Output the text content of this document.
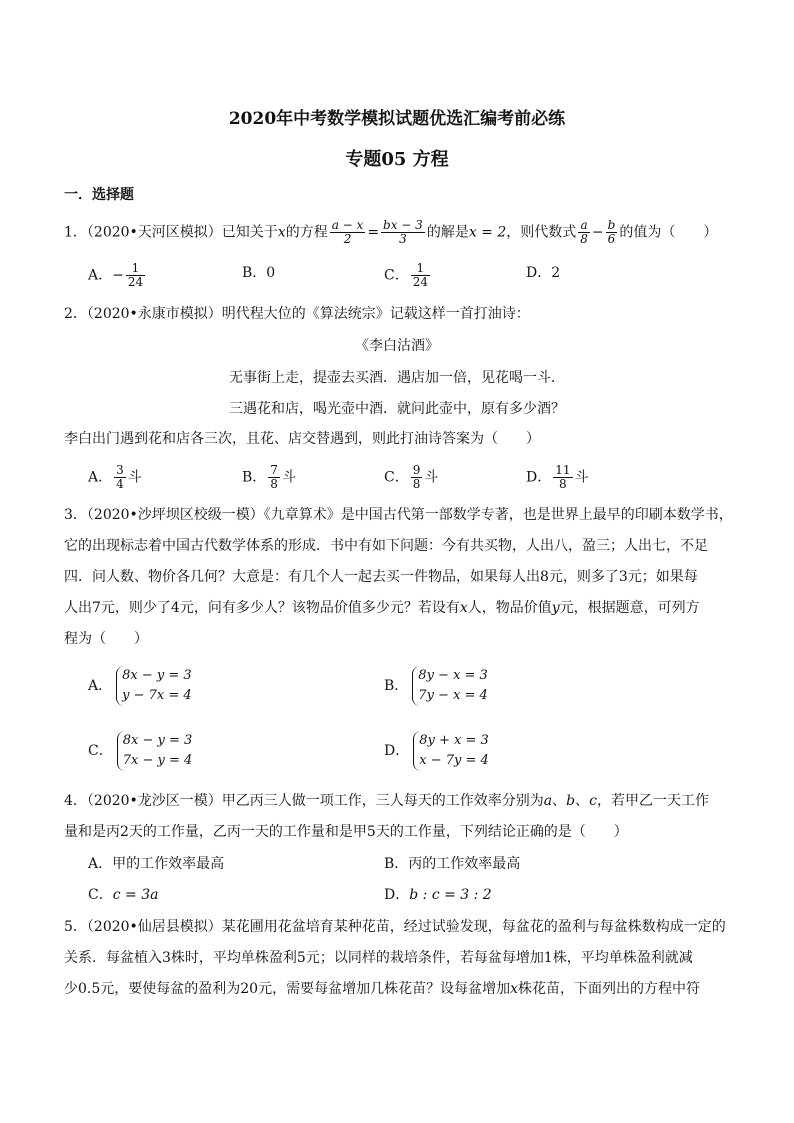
2020年中考数学模拟试题优选汇编考前必练
专题05 方程
一．选择题
1．（2020•天河区模拟）已知关于x的方程 $\frac{a - x}{2} = \frac{bx - 3}{3}$ 的解是x = 2，则代数式 $\frac{a}{8} - \frac{b}{6}$ 的值为（　　）
A．− $\frac{1}{24}$	B．0	C． $\frac{1}{24}$	D．2
2．（2020•永康市模拟）明代程大位的《算法统宗》记载这样一首打油诗：
《李白沽酒》
无事街上走，提壶去买酒．遇店加一倍，见花喝一斗．
三遇花和店，喝光壶中酒．就问此壶中，原有多少酒？
李白出门遇到花和店各三次，且花、店交替遇到，则此打油诗答案为（　　）
A． $\frac{3}{4}$ 斗	B． $\frac{7}{8}$ 斗	C． $\frac{9}{8}$ 斗	D． $\frac{11}{8}$ 斗
3．（2020•沙坪坝区校级一模）《九章算术》是中国古代第一部数学专著，也是世界上最早的印刷本数学书，
它的出现标志着中国古代数学体系的形成．书中有如下问题：今有共买物，人出八，盈三；人出七，不足
四．问人数、物价各几何？大意是：有几个人一起去买一件物品，如果每人出8元，则多了3元；如果每
人出7元，则少了4元，问有多少人？该物品价值多少元？若设有x人，物品价值y元，根据题意，可列方
程为（　　）
A．
8x − y = 3
y − 7x = 4
B．
8y − x = 3
7y − x = 4
C．
8x − y = 3
7x − y = 4
D．
8y + x = 3
x − 7y = 4
4．（2020•龙沙区一模）甲乙丙三人做一项工作，三人每天的工作效率分别为a、b、c，若甲乙一天工作
量和是丙2天的工作量，乙丙一天的工作量和是甲5天的工作量，下列结论正确的是（　　）
A．甲的工作效率最高	B．丙的工作效率最高
C．c = 3a	D．b : c = 3 : 2
5．（2020•仙居县模拟）某花圃用花盆培育某种花苗，经过试验发现，每盆花的盈利与每盆株数构成一定的
关系．每盆植入3株时，平均单株盈利5元；以同样的栽培条件，若每盆每增加1株，平均单株盈利就减
少0.5元，要使每盆的盈利为20元，需要每盆增加几株花苗？设每盆增加x株花苗，下面列出的方程中符
